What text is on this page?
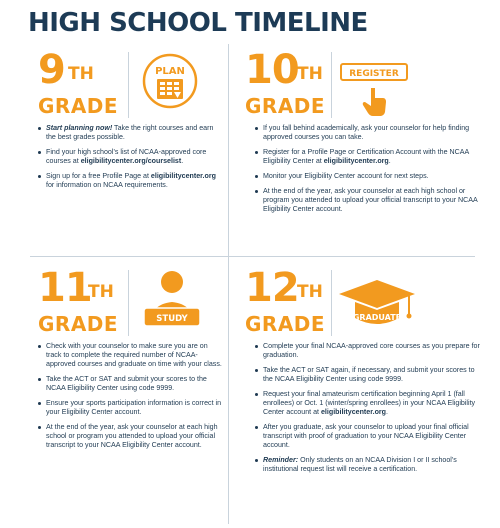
HIGH SCHOOL TIMELINE
9 TH
GRADE
PLAN
Start planning now! Take the right courses and earn the best grades possible.
Find your high school’s list of NCAA-approved core courses at eligibilitycenter.org/courselist.
Sign up for a free Profile Page at eligibilitycenter.org for information on NCAA requirements.
10
TH
GRADE
REGISTER
If you fall behind academically, ask your counselor for help finding approved courses you can take.
Register for a Profile Page or Certification Account with the NCAA Eligibility Center at eligibilitycenter.org.
Monitor your Eligibility Center account for next steps.
At the end of the year, ask your counselor at each high school or program you attended to upload your official transcript to your NCAA Eligibility Center account.
11
TH
GRADE	STUDY
Check with your counselor to make sure you are on track to complete the required number of NCAA-approved courses and graduate on time with your class.
Take the ACT or SAT and submit your scores to the NCAA Eligibility Center using code 9999.
Ensure your sports participation information is correct in your Eligibility Center account.
At the end of the year, ask your counselor at each high school or program you attended to upload your official transcript to your NCAA Eligibility Center account.
12
TH
GRADE	GRADUATE
Complete your final NCAA-approved core courses as you prepare for graduation.
Take the ACT or SAT again, if necessary, and submit your scores to the NCAA Eligibility Center using code 9999.
Request your final amateurism certification beginning April 1 (fall enrollees) or Oct. 1 (winter/spring enrollees) in your NCAA Eligibility Center account at eligibilitycenter.org.
After you graduate, ask your counselor to upload your final official transcript with proof of graduation to your NCAA Eligibility Center account.
Reminder: Only students on an NCAA Division I or II school’s institutional request list will receive a certification.
